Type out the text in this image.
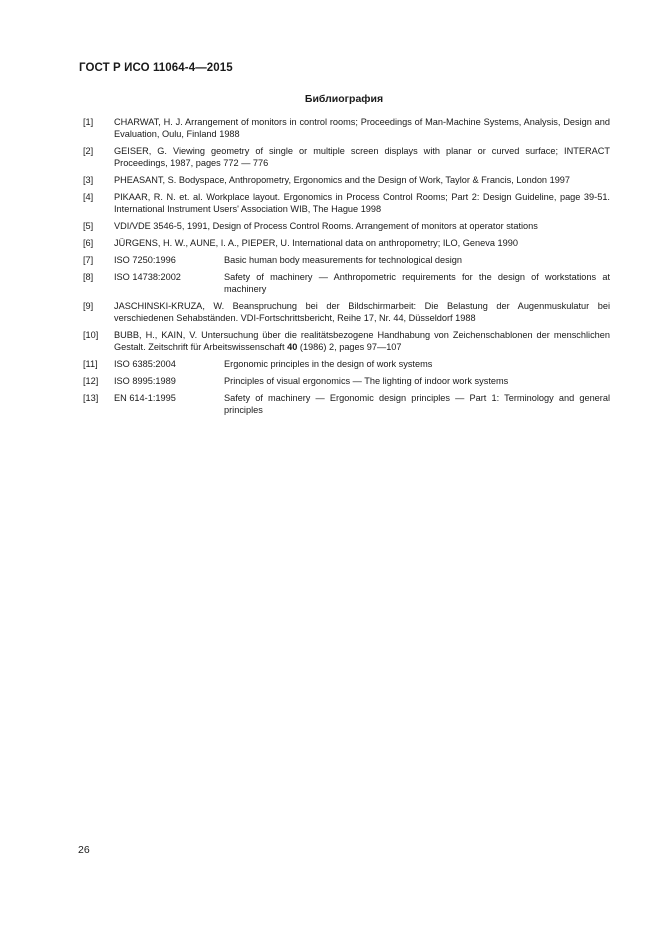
ГОСТ Р ИСО 11064-4—2015
Библиография
[1]	CHARWAT, H. J. Arrangement of monitors in control rooms; Proceedings of Man-Machine Systems, Analysis, Design and Evaluation, Oulu, Finland 1988
[2]	GEISER, G. Viewing geometry of single or multiple screen displays with planar or curved surface; INTERACT Proceedings, 1987, pages 772 — 776
[3]	PHEASANT, S. Bodyspace, Anthropometry, Ergonomics and the Design of Work, Taylor & Francis, London 1997
[4]	PIKAAR, R. N. et. al. Workplace layout. Ergonomics in Process Control Rooms; Part 2: Design Guideline, page 39-51. International Instrument Users' Association WIB, The Hague 1998
[5]	VDI/VDE 3546-5, 1991, Design of Process Control Rooms. Arrangement of monitors at operator stations
[6]	JÜRGENS, H. W., AUNE, I. A., PIEPER, U. International data on anthropometry; ILO, Geneva 1990
[7]	ISO 7250:1996	Basic human body measurements for technological design
[8]	ISO 14738:2002	Safety of machinery — Anthropometric requirements for the design of workstations at machinery
[9]	JASCHINSKI-KRUZA, W. Beanspruchung bei der Bildschirmarbeit: Die Belastung der Augenmuskulatur bei verschiedenen Sehabständen. VDI-Fortschrittsbericht, Reihe 17, Nr. 44, Düsseldorf 1988
[10]	BUBB, H., KAIN, V. Untersuchung über die realitätsbezogene Handhabung von Zeichenschablonen der menschlichen Gestalt. Zeitschrift für Arbeitswissenschaft 40 (1986) 2, pages 97—107
[11]	ISO 6385:2004	Ergonomic principles in the design of work systems
[12]	ISO 8995:1989	Principles of visual ergonomics — The lighting of indoor work systems
[13]	EN 614-1:1995	Safety of machinery — Ergonomic design principles — Part 1: Terminology and general principles
26
